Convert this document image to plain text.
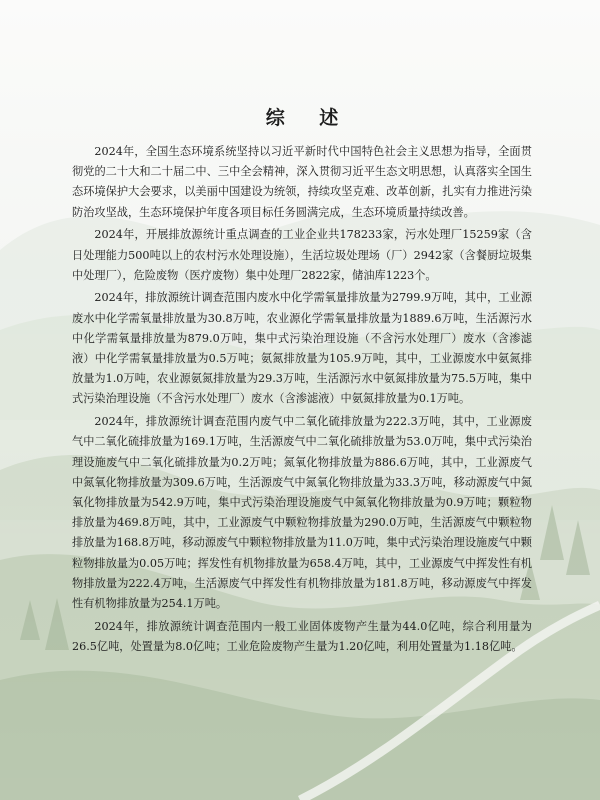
综 述

2024年，全国生态环境系统坚持以习近平新时代中国特色社会主义思想为指导，全面贯彻党的二十大和二十届二中、三中全会精神，深入贯彻习近平生态文明思想，认真落实全国生态环境保护大会要求，以美丽中国建设为统领，持续攻坚克难、改革创新，扎实有力推进污染防治攻坚战，生态环境保护年度各项目标任务圆满完成，生态环境质量持续改善。

2024年，开展排放源统计重点调查的工业企业共178233家，污水处理厂15259家（含日处理能力500吨以上的农村污水处理设施），生活垃圾处理场（厂）2942家（含餐厨垃圾集中处理厂），危险废物（医疗废物）集中处理厂2822家，储油库1223个。

2024年，排放源统计调查范围内废水中化学需氧量排放量为2799.9万吨，其中，工业源废水中化学需氧量排放量为30.8万吨，农业源化学需氧量排放量为1889.6万吨，生活源污水中化学需氧量排放量为879.0万吨，集中式污染治理设施（不含污水处理厂）废水（含渗滤液）中化学需氧量排放量为0.5万吨；氨氮排放量为105.9万吨，其中，工业源废水中氨氮排放量为1.0万吨，农业源氨氮排放量为29.3万吨，生活源污水中氨氮排放量为75.5万吨，集中式污染治理设施（不含污水处理厂）废水（含渗滤液）中氨氮排放量为0.1万吨。

2024年，排放源统计调查范围内废气中二氧化硫排放量为222.3万吨，其中，工业源废气中二氧化硫排放量为169.1万吨，生活源废气中二氧化硫排放量为53.0万吨，集中式污染治理设施废气中二氧化硫排放量为0.2万吨；氮氧化物排放量为886.6万吨，其中，工业源废气中氮氧化物排放量为309.6万吨，生活源废气中氮氧化物排放量为33.3万吨，移动源废气中氮氧化物排放量为542.9万吨，集中式污染治理设施废气中氮氧化物排放量为0.9万吨；颗粒物排放量为469.8万吨，其中，工业源废气中颗粒物排放量为290.0万吨，生活源废气中颗粒物排放量为168.8万吨，移动源废气中颗粒物排放量为11.0万吨，集中式污染治理设施废气中颗粒物排放量为0.05万吨；挥发性有机物排放量为658.4万吨，其中，工业源废气中挥发性有机物排放量为222.4万吨，生活源废气中挥发性有机物排放量为181.8万吨，移动源废气中挥发性有机物排放量为254.1万吨。

2024年，排放源统计调查范围内一般工业固体废物产生量为44.0亿吨，综合利用量为26.5亿吨，处置量为8.0亿吨；工业危险废物产生量为1.20亿吨，利用处置量为1.18亿吨。
